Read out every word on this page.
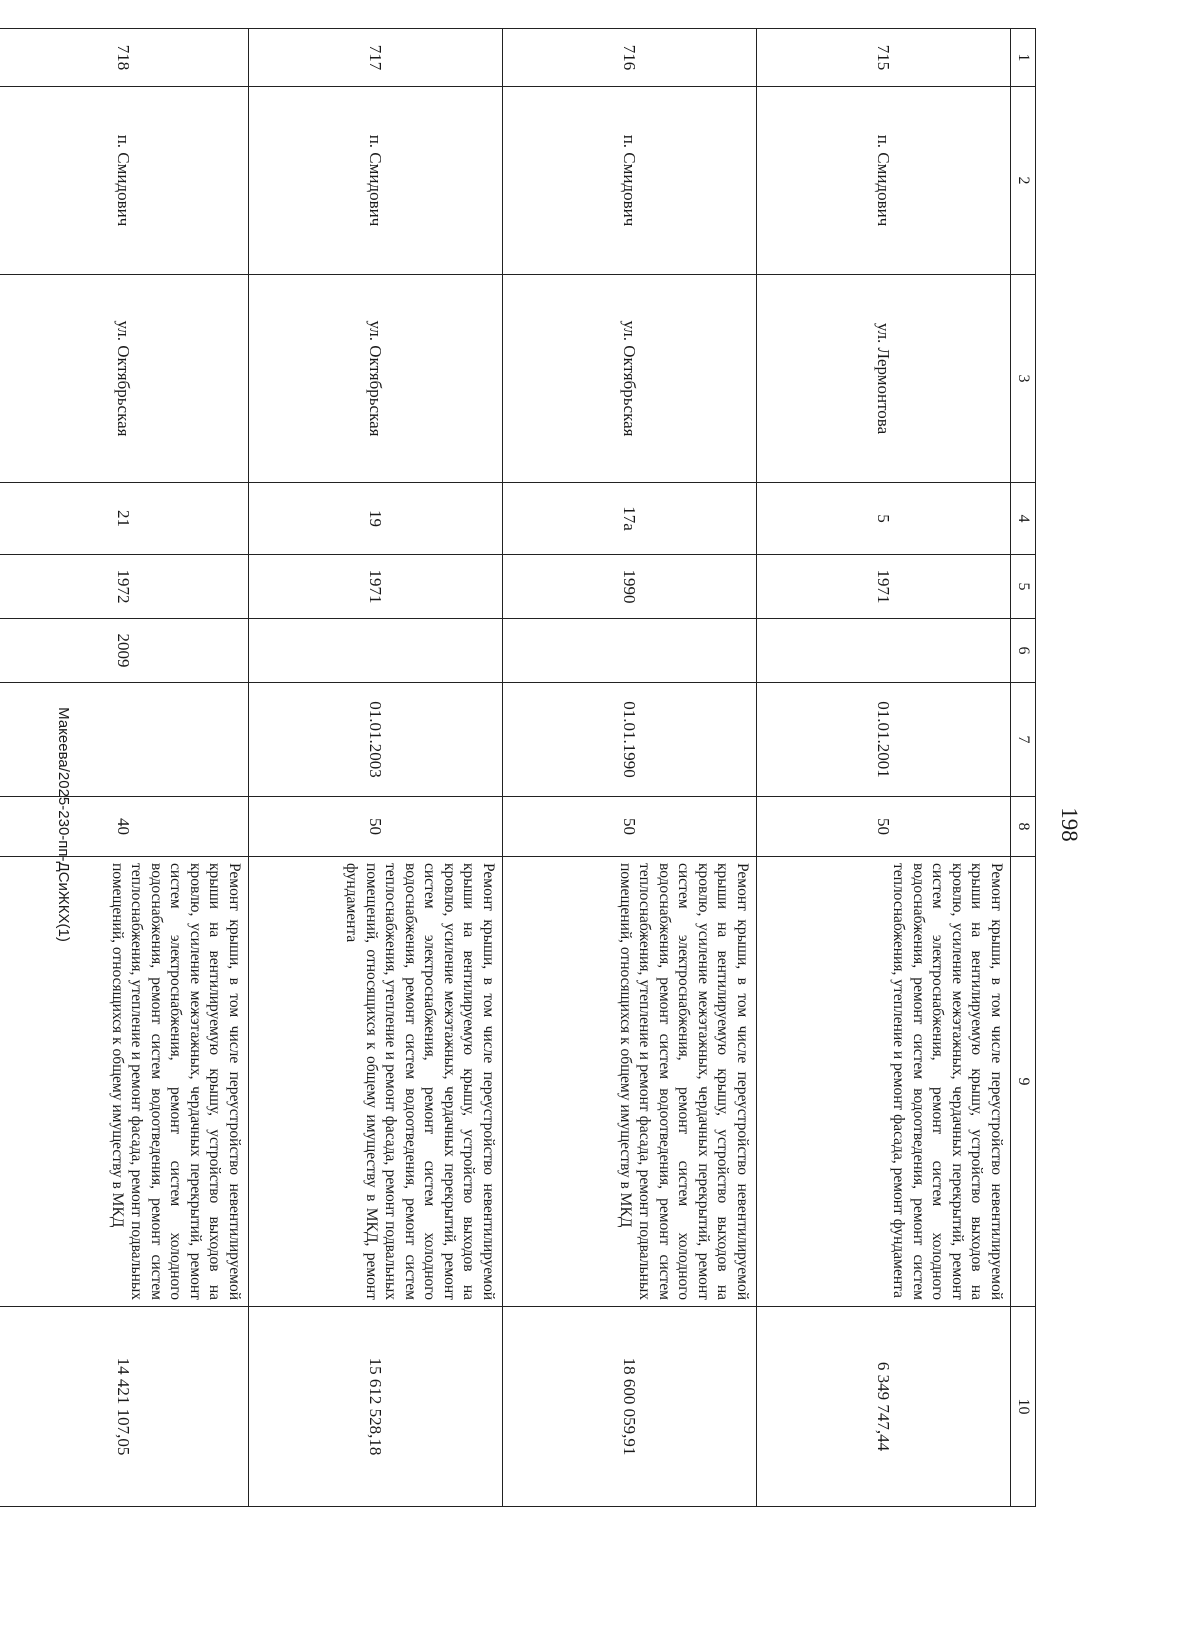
198
1	2	3	4	5	6	7	8	9	10
715	п. Смидович	ул. Лермонтова	5	1971		01.01.2001	50	Ремонт крыши, в том числе переустройство невентилируемой крыши на вентилируемую крышу, устройство выходов на кровлю, усиление межэтажных, чердачных перекрытий, ремонт систем электроснабжения, ремонт систем холодного водоснабжения, ремонт систем водоотведения, ремонт систем теплоснабжения, утепление и ремонт фасада, ремонт фундамента	6 349 747,44
716	п. Смидович	ул. Октябрьская	17а	1990		01.01.1990	50	Ремонт крыши, в том числе переустройство невентилируемой крыши на вентилируемую крышу, устройство выходов на кровлю, усиление межэтажных, чердачных перекрытий, ремонт систем электроснабжения, ремонт систем холодного водоснабжения, ремонт систем водоотведения, ремонт систем теплоснабжения, утепление и ремонт фасада, ремонт подвальных помещений, относящихся к общему имуществу в МКД	18 600 059,91
717	п. Смидович	ул. Октябрьская	19	1971		01.01.2003	50	Ремонт крыши, в том числе переустройство невентилируемой крыши на вентилируемую крышу, устройство выходов на кровлю, усиление межэтажных, чердачных перекрытий, ремонт систем электроснабжения, ремонт систем холодного водоснабжения, ремонт систем водоотведения, ремонт систем теплоснабжения, утепление и ремонт фасада, ремонт подвальных помещений, относящихся к общему имуществу в МКД, ремонт фундамента	15 612 528,18
718	п. Смидович	ул. Октябрьская	21	1972	2009		40	Ремонт крыши, в том числе переустройство невентилируемой крыши на вентилируемую крышу, устройство выходов на кровлю, усиление межэтажных, чердачных перекрытий, ремонт систем электроснабжения, ремонт систем холодного водоснабжения, ремонт систем водоотведения, ремонт систем теплоснабжения, утепление и ремонт фасада, ремонт подвальных помещений, относящихся к общему имуществу в МКД	14 421 107,05
Макеева/2025-230-пп-ДСиЖКХ(1)
